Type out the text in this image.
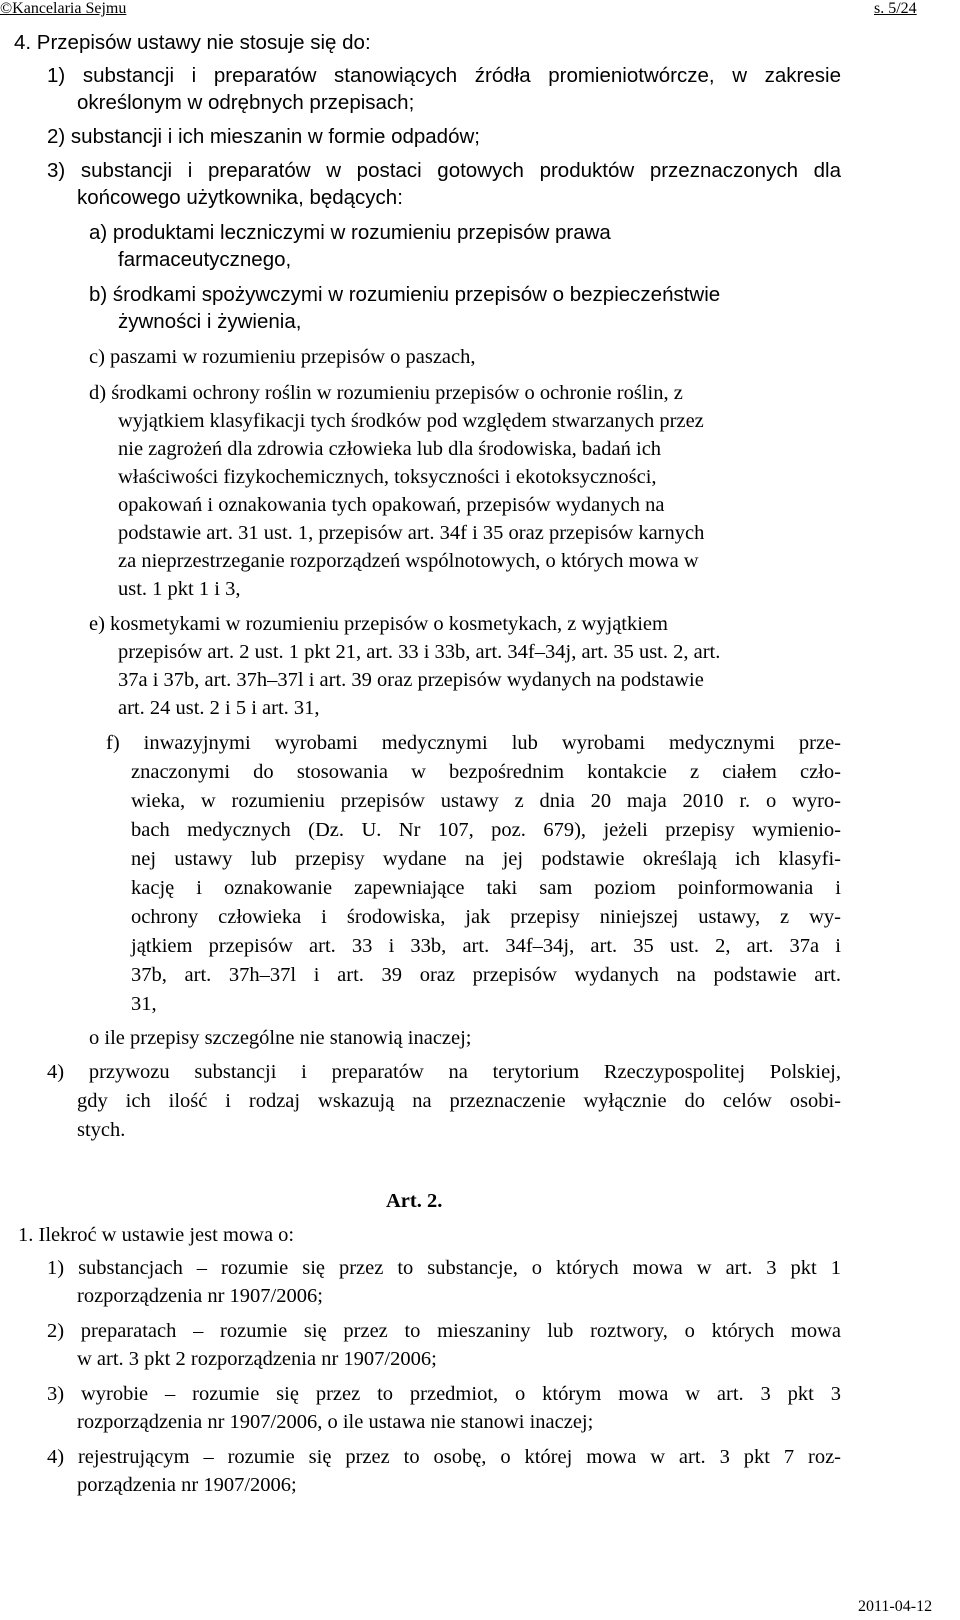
©Kancelaria Sejmu	s. 5/24
4. Przepisów ustawy nie stosuje się do:
1) substancji i preparatów stanowiących źródła promieniotwórcze, w zakresie
określonym w odrębnych przepisach;
2) substancji i ich mieszanin w formie odpadów;
3) substancji i preparatów w postaci gotowych produktów przeznaczonych dla
końcowego użytkownika, będących:
a) produktami leczniczymi w rozumieniu przepisów prawa
farmaceutycznego,
b) środkami spożywczymi w rozumieniu przepisów o bezpieczeństwie
żywności i żywienia,
c) paszami w rozumieniu przepisów o paszach,
d) środkami ochrony roślin w rozumieniu przepisów o ochronie roślin, z
wyjątkiem klasyfikacji tych środków pod względem stwarzanych przez
nie zagrożeń dla zdrowia człowieka lub dla środowiska, badań ich
właściwości fizykochemicznych, toksyczności i ekotoksyczności,
opakowań i oznakowania tych opakowań, przepisów wydanych na
podstawie art. 31 ust. 1, przepisów art. 34f i 35 oraz przepisów karnych
za nieprzestrzeganie rozporządzeń wspólnotowych, o których mowa w
ust. 1 pkt 1 i 3,
e) kosmetykami w rozumieniu przepisów o kosmetykach, z wyjątkiem
przepisów art. 2 ust. 1 pkt 21, art. 33 i 33b, art. 34f–34j, art. 35 ust. 2, art.
37a i 37b, art. 37h–37l i art. 39 oraz przepisów wydanych na podstawie
art. 24 ust. 2 i 5 i art. 31,
f) inwazyjnymi wyrobami medycznymi lub wyrobami medycznymi prze-
znaczonymi do stosowania w bezpośrednim kontakcie z ciałem czło-
wieka, w rozumieniu przepisów ustawy z dnia 20 maja 2010 r. o wyro-
bach medycznych (Dz. U. Nr 107, poz. 679), jeżeli przepisy wymienio-
nej ustawy lub przepisy wydane na jej podstawie określają ich klasyfi-
kację i oznakowanie zapewniające taki sam poziom poinformowania i
ochrony człowieka i środowiska, jak przepisy niniejszej ustawy, z wy-
jątkiem przepisów art. 33 i 33b, art. 34f–34j, art. 35 ust. 2, art. 37a i
37b, art. 37h–37l i art. 39 oraz przepisów wydanych na podstawie art.
31,
o ile przepisy szczególne nie stanowią inaczej;
4) przywozu substancji i preparatów na terytorium Rzeczypospolitej Polskiej,
gdy ich ilość i rodzaj wskazują na przeznaczenie wyłącznie do celów osobi-
stych.
Art. 2.
1. Ilekroć w ustawie jest mowa o:
1) substancjach – rozumie się przez to substancje, o których mowa w art. 3 pkt 1
rozporządzenia nr 1907/2006;
2) preparatach – rozumie się przez to mieszaniny lub roztwory, o których mowa
w art. 3 pkt 2 rozporządzenia nr 1907/2006;
3) wyrobie – rozumie się przez to przedmiot, o którym mowa w art. 3 pkt 3
rozporządzenia nr 1907/2006, o ile ustawa nie stanowi inaczej;
4) rejestrującym – rozumie się przez to osobę, o której mowa w art. 3 pkt 7 roz-
porządzenia nr 1907/2006;
2011-04-12
